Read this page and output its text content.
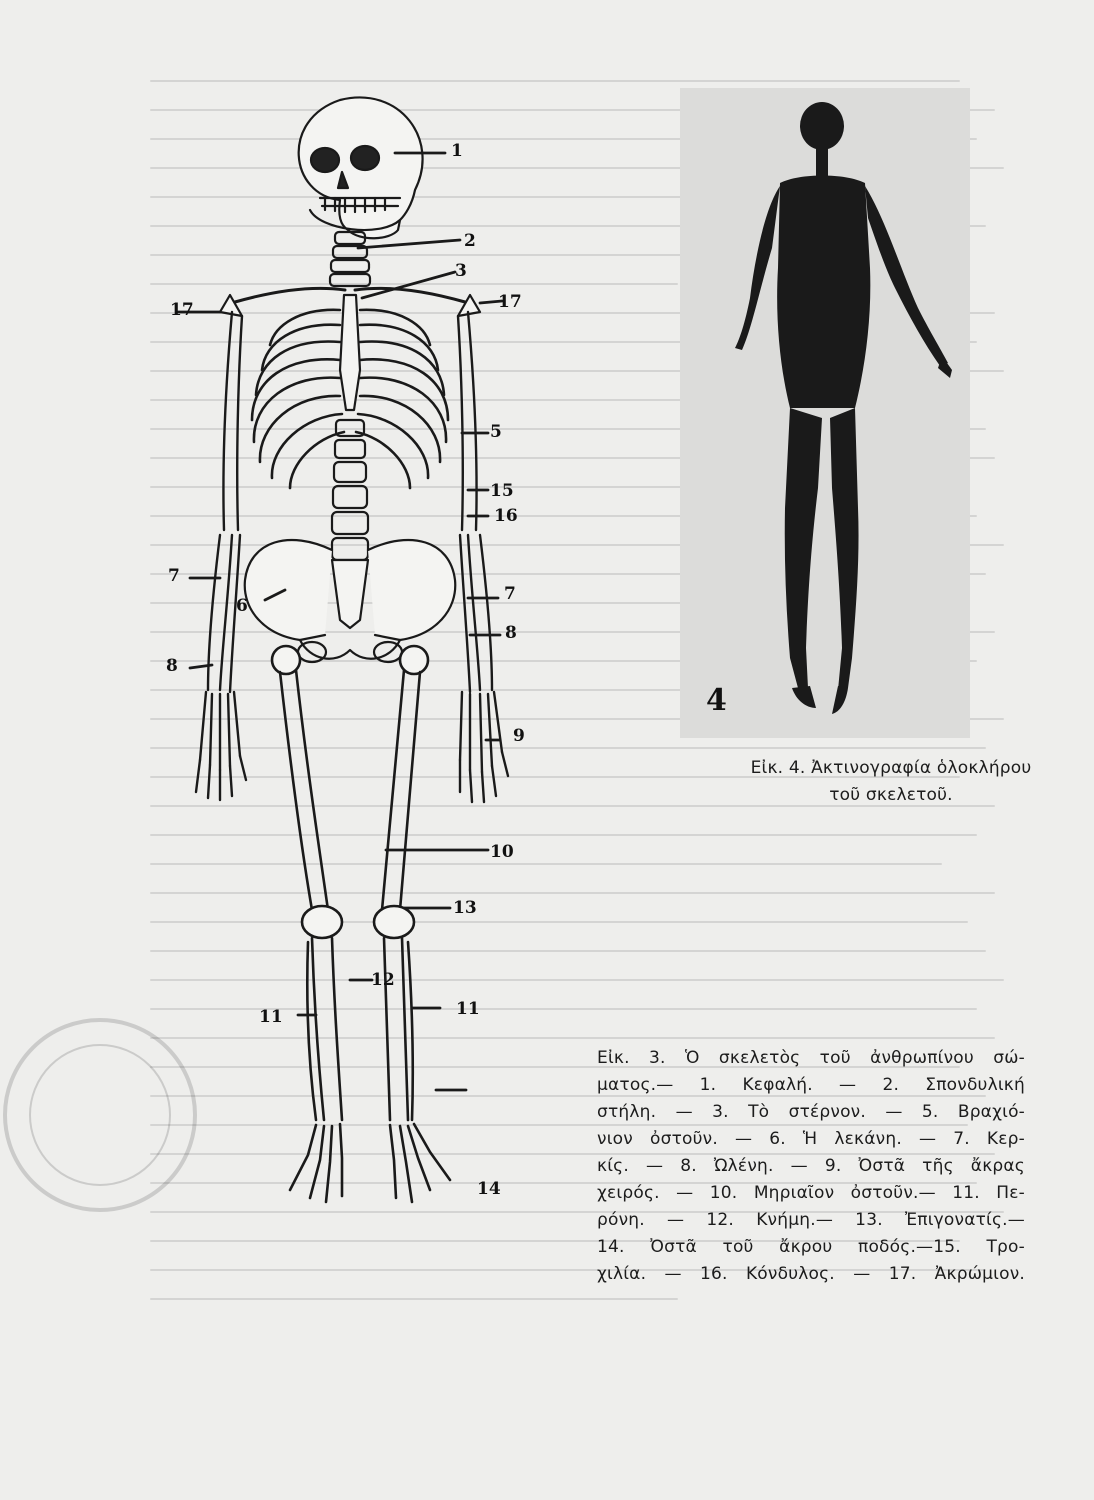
1
2
3
17	17
5
15
16
7
6
7
8
8
9
10
13
12
11	11
14
4
Εἰκ. 4. Ἀκτινογραφία ὁλοκλήρου
τοῦ σκελετοῦ.
Εἰκ. 3. Ὁ σκελετὸς τοῦ ἀνθρωπίνου σώ-
ματος.— 1. Κεφαλή. — 2. Σπονδυλική
στήλη. — 3. Τὸ στέρνον. — 5. Βραχιό-
νιον ὀστοῦν. — 6. Ἡ λεκάνη. — 7. Κερ-
κίς. — 8. Ὠλένη. — 9. Ὀστᾶ τῆς ἄκρας
χειρός. — 10. Μηριαῖον ὀστοῦν.— 11. Πε-
ρόνη. — 12. Κνήμη.— 13. Ἐπιγονατίς.—
14. Ὀστᾶ τοῦ ἄκρου ποδός.—15. Τρο-
χιλία. — 16. Κόνδυλος. — 17. Ἀκρώμιον.
